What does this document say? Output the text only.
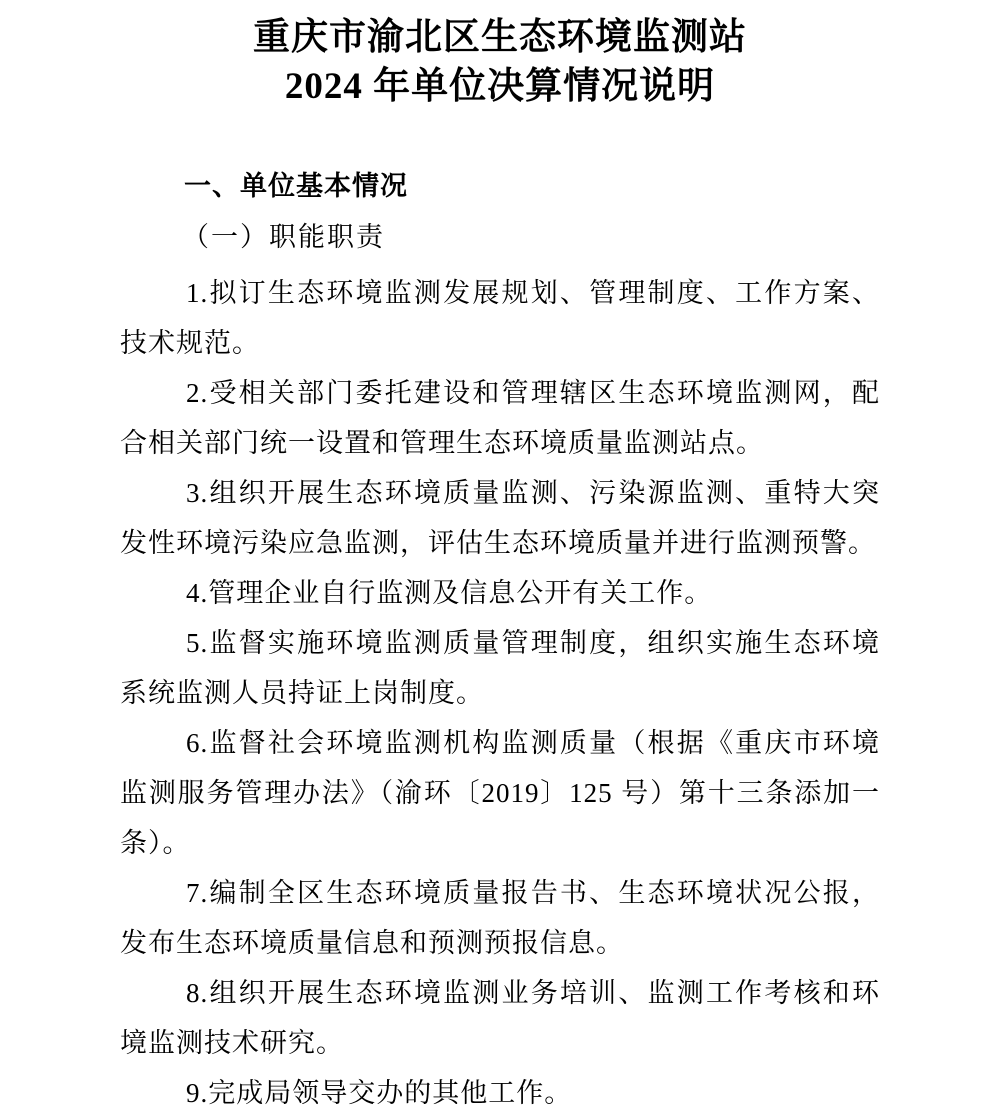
重庆市渝北区生态环境监测站
2024 年单位决算情况说明
一、单位基本情况
（一）职能职责

1.拟订生态环境监测发展规划、管理制度、工作方案、技术规范。

2.受相关部门委托建设和管理辖区生态环境监测网，配合相关部门统一设置和管理生态环境质量监测站点。

3.组织开展生态环境质量监测、污染源监测、重特大突发性环境污染应急监测，评估生态环境质量并进行监测预警。

4.管理企业自行监测及信息公开有关工作。

5.监督实施环境监测质量管理制度，组织实施生态环境系统监测人员持证上岗制度。

6.监督社会环境监测机构监测质量（根据《重庆市环境监测服务管理办法》（渝环〔2019〕125 号）第十三条添加一条）。

7.编制全区生态环境质量报告书、生态环境状况公报，发布生态环境质量信息和预测预报信息。

8.组织开展生态环境监测业务培训、监测工作考核和环境监测技术研究。

9.完成局领导交办的其他工作。
